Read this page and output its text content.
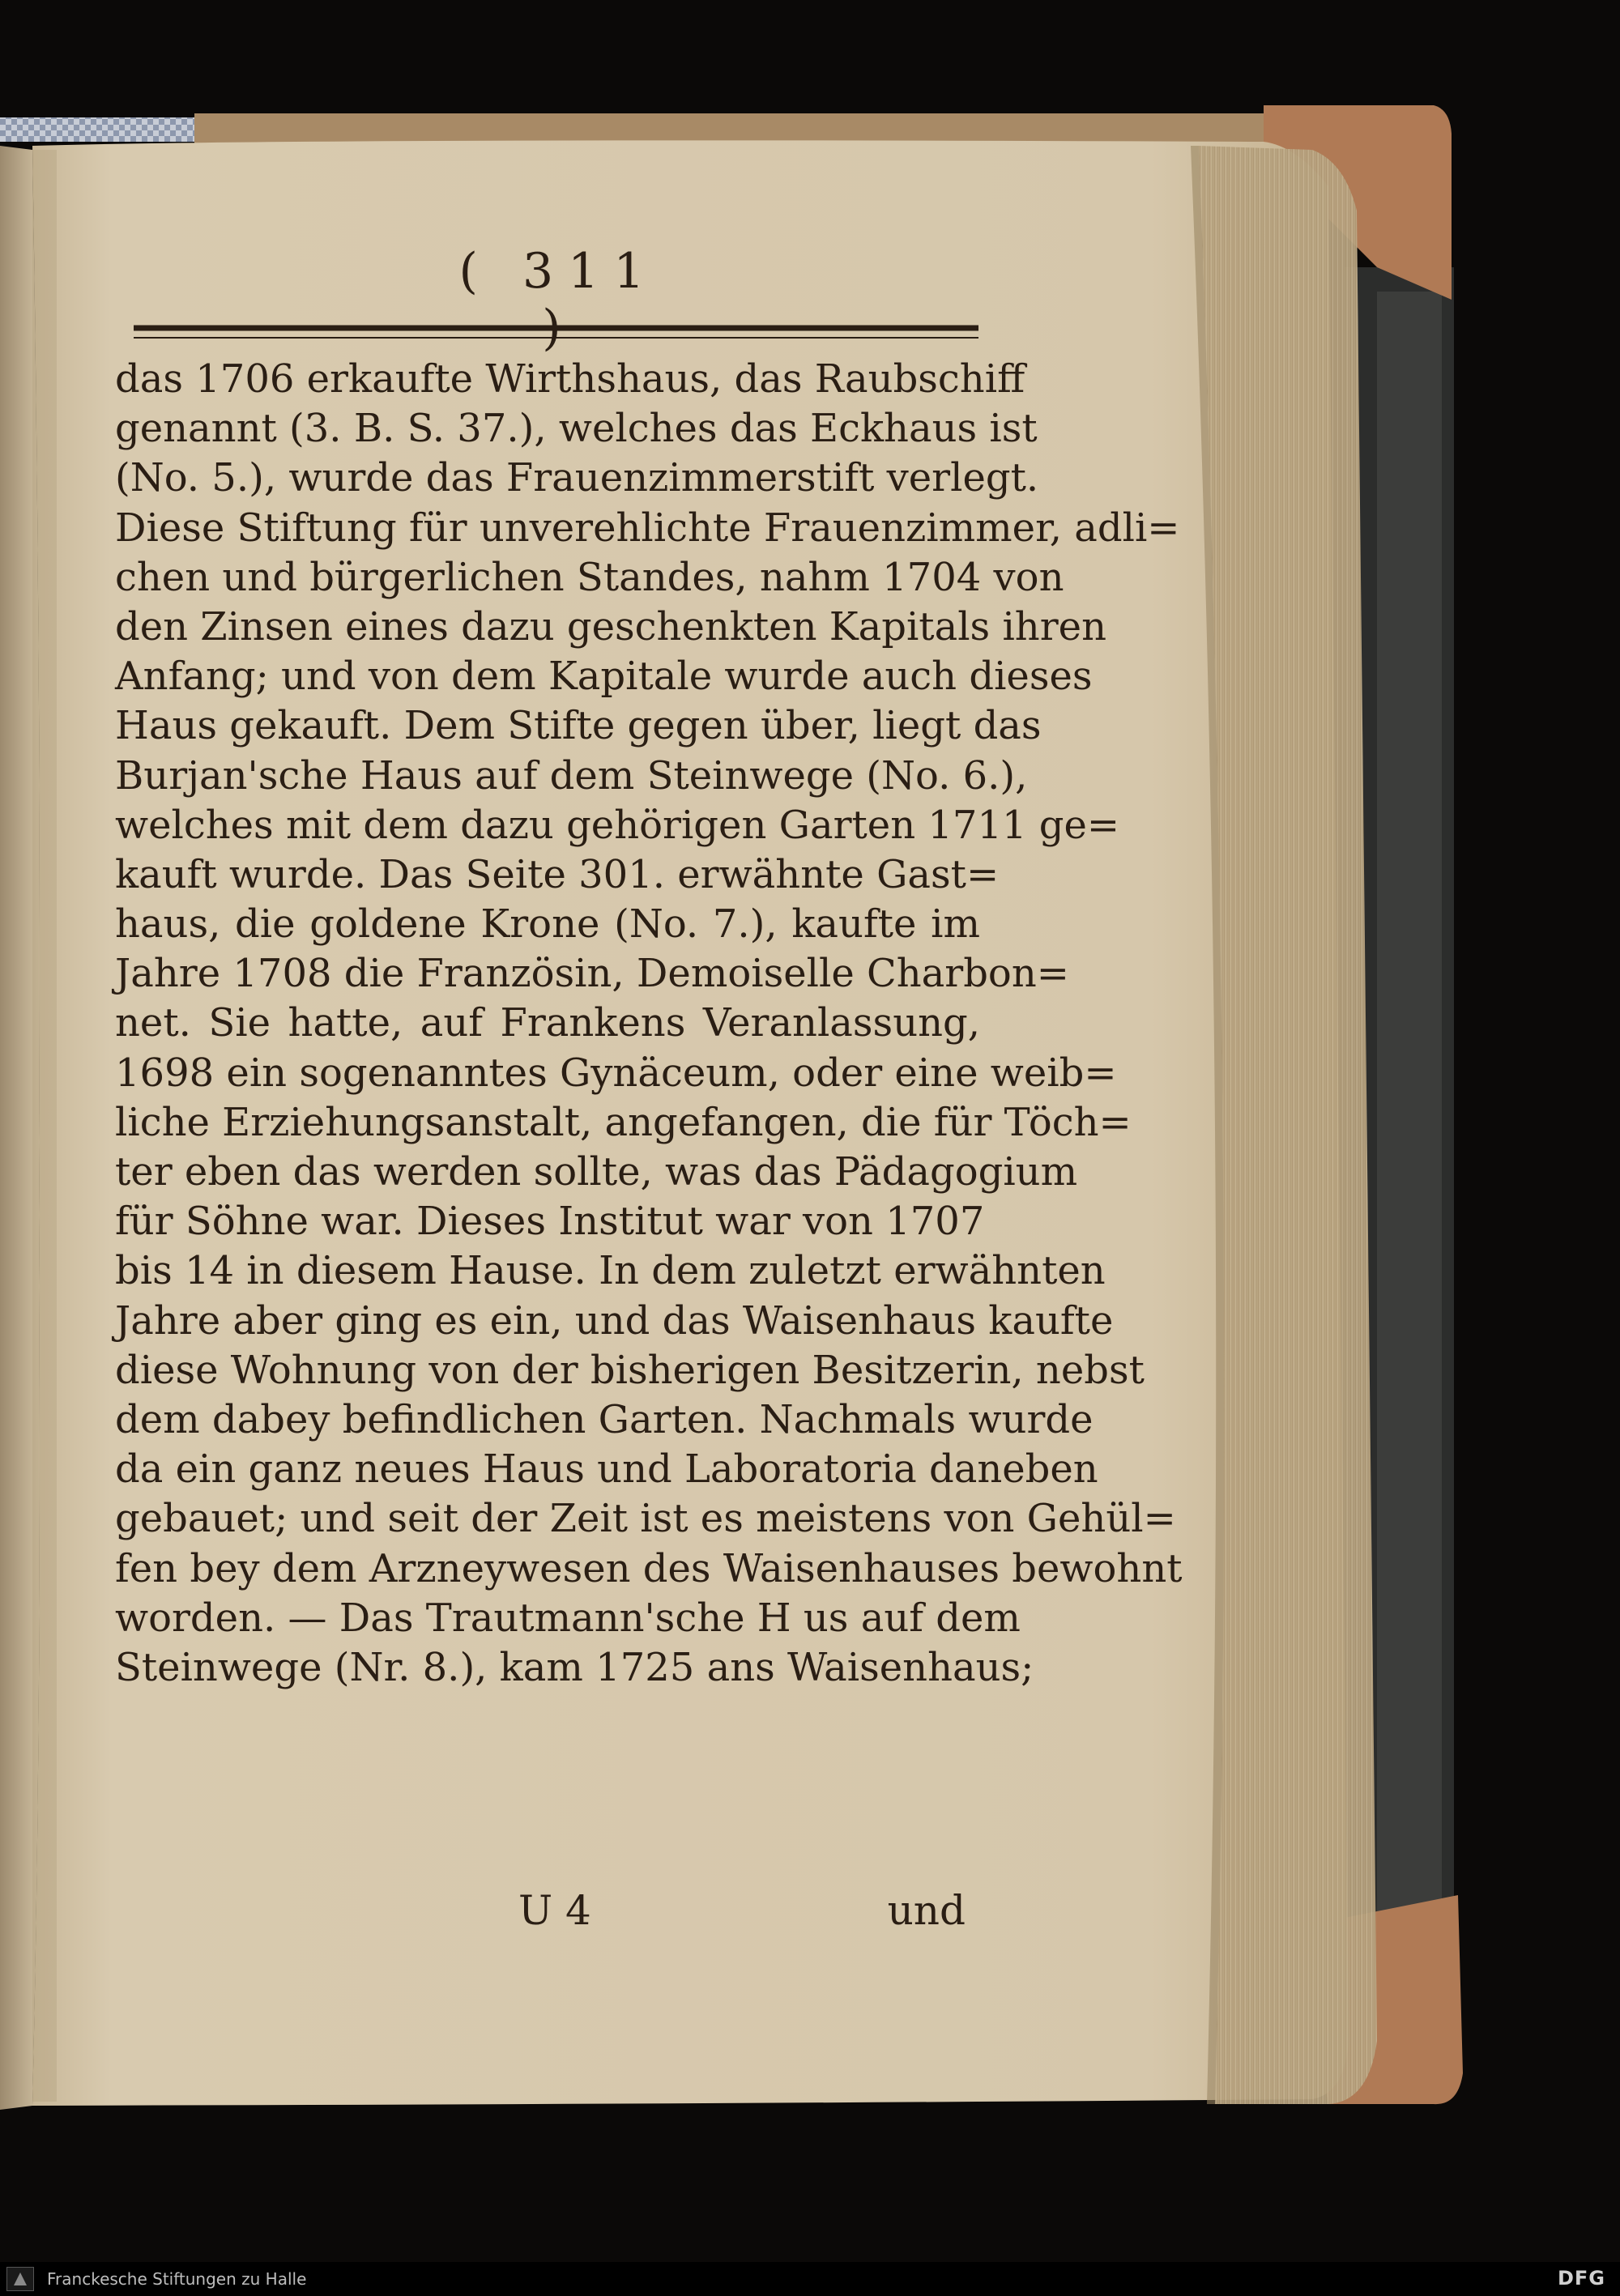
( 311 )
das 1706 erkaufte Wirthshaus, das Raubschiff
genannt (3. B. S. 37.), welches das Eckhaus ist
(No. 5.), wurde das Frauenzimmerstift verlegt.
Diese Stiftung für unverehlichte Frauenzimmer, adli=
chen und bürgerlichen Standes, nahm 1704 von
den Zinsen eines dazu geschenkten Kapitals ihren
Anfang; und von dem Kapitale wurde auch dieses
Haus gekauft. Dem Stifte gegen über, liegt das
Burjan'sche Haus auf dem Steinwege (No. 6.),
welches mit dem dazu gehörigen Garten 1711 ge=
kauft wurde. Das Seite 301. erwähnte Gast=
haus, die goldene Krone (No. 7.), kaufte im
Jahre 1708 die Französin, Demoiselle Charbon=
net. Sie hatte, auf Frankens Veranlassung,
1698 ein sogenanntes Gynäceum, oder eine weib=
liche Erziehungsanstalt, angefangen, die für Töch=
ter eben das werden sollte, was das Pädagogium
für Söhne war. Dieses Institut war von 1707
bis 14 in diesem Hause. In dem zuletzt erwähnten
Jahre aber ging es ein, und das Waisenhaus kaufte
diese Wohnung von der bisherigen Besitzerin, nebst
dem dabey befindlichen Garten. Nachmals wurde
da ein ganz neues Haus und Laboratoria daneben
gebauet; und seit der Zeit ist es meistens von Gehül=
fen bey dem Arzneywesen des Waisenhauses bewohnt
worden. — Das Trautmann'sche H us auf dem
Steinwege (Nr. 8.), kam 1725 ans Waisenhaus;
U 4	und
Franckesche Stiftungen zu Halle	DFG
